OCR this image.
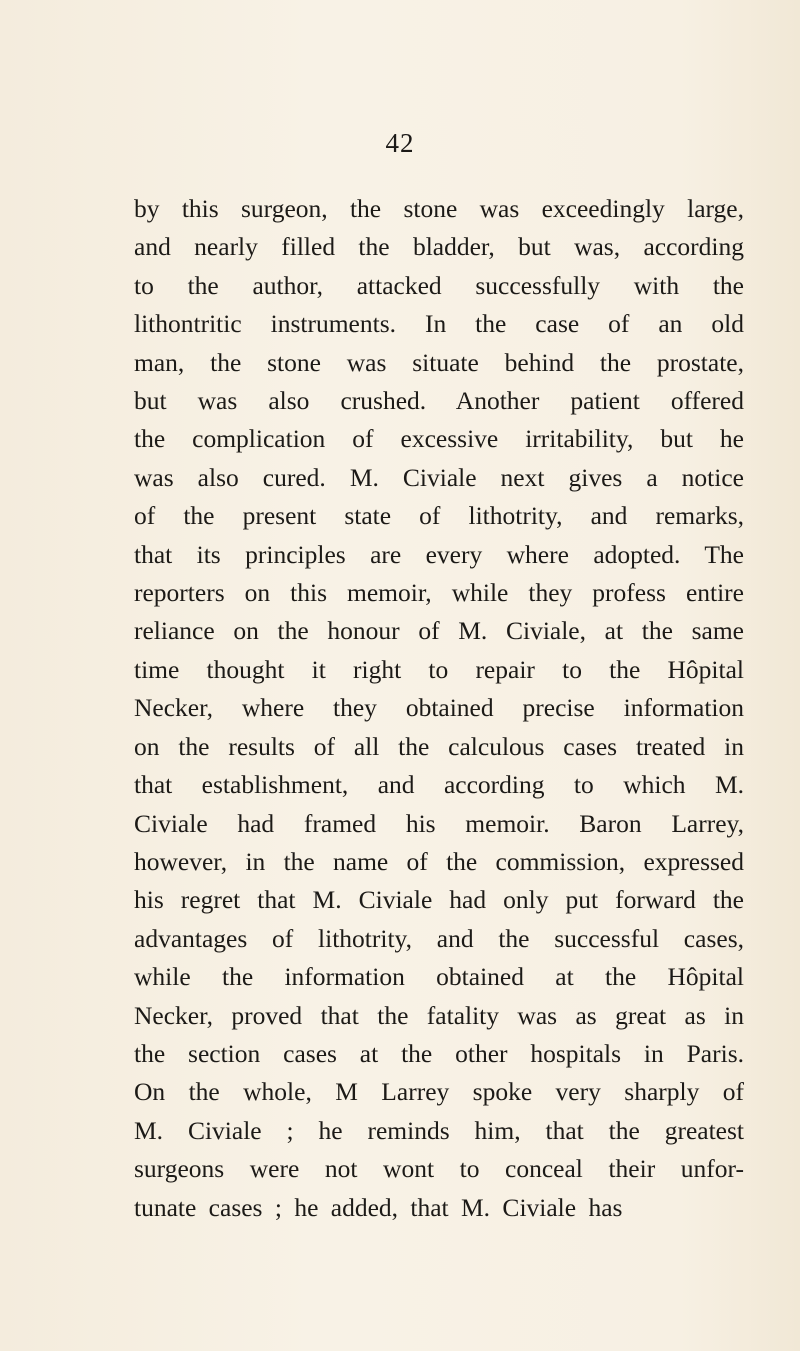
42
by this surgeon, the stone was exceedingly large,
and nearly filled the bladder, but was, according
to the author, attacked successfully with the
lithontritic instruments. In the case of an old
man, the stone was situate behind the prostate,
but was also crushed. Another patient offered
the complication of excessive irritability, but he
was also cured. M. Civiale next gives a notice
of the present state of lithotrity, and remarks,
that its principles are every where adopted. The
reporters on this memoir, while they profess entire
reliance on the honour of M. Civiale, at the same
time thought it right to repair to the Hôpital
Necker, where they obtained precise information
on the results of all the calculous cases treated in
that establishment, and according to which M.
Civiale had framed his memoir. Baron Larrey,
however, in the name of the commission, expressed
his regret that M. Civiale had only put forward the
advantages of lithotrity, and the successful cases,
while the information obtained at the Hôpital
Necker, proved that the fatality was as great as in
the section cases at the other hospitals in Paris.
On the whole, M Larrey spoke very sharply of
M. Civiale ; he reminds him, that the greatest
surgeons were not wont to conceal their unfor-
tunate cases ; he added, that M. Civiale has
